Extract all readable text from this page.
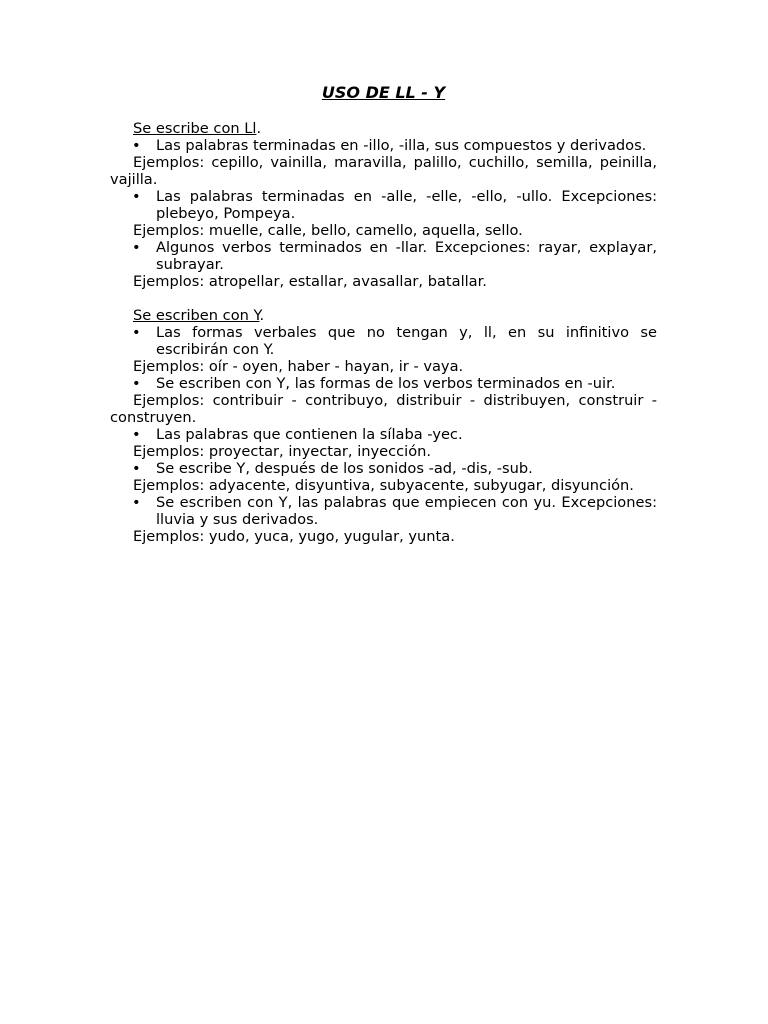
USO DE LL - Y
Se escribe con Ll.
• Las palabras terminadas en -illo, -illa, sus compuestos y derivados.
Ejemplos: cepillo, vainilla, maravilla, palillo, cuchillo, semilla, peinilla, vajilla.
• Las palabras terminadas en -alle, -elle, -ello, -ullo. Excepciones: plebeyo, Pompeya.
Ejemplos: muelle, calle, bello, camello, aquella, sello.
• Algunos verbos terminados en -llar. Excepciones: rayar, explayar, subrayar.
Ejemplos: atropellar, estallar, avasallar, batallar.
Se escriben con Y.
• Las formas verbales que no tengan y, ll, en su infinitivo se escribirán con Y.
Ejemplos: oír - oyen, haber - hayan, ir - vaya.
• Se escriben con Y, las formas de los verbos terminados en -uir.
Ejemplos: contribuir - contribuyo, distribuir - distribuyen, construir - construyen.
• Las palabras que contienen la sílaba -yec.
Ejemplos: proyectar, inyectar, inyección.
• Se escribe Y, después de los sonidos -ad, -dis, -sub.
Ejemplos: adyacente, disyuntiva, subyacente, subyugar, disyunción.
• Se escriben con Y, las palabras que empiecen con yu. Excepciones: lluvia y sus derivados.
Ejemplos: yudo, yuca, yugo, yugular, yunta.
